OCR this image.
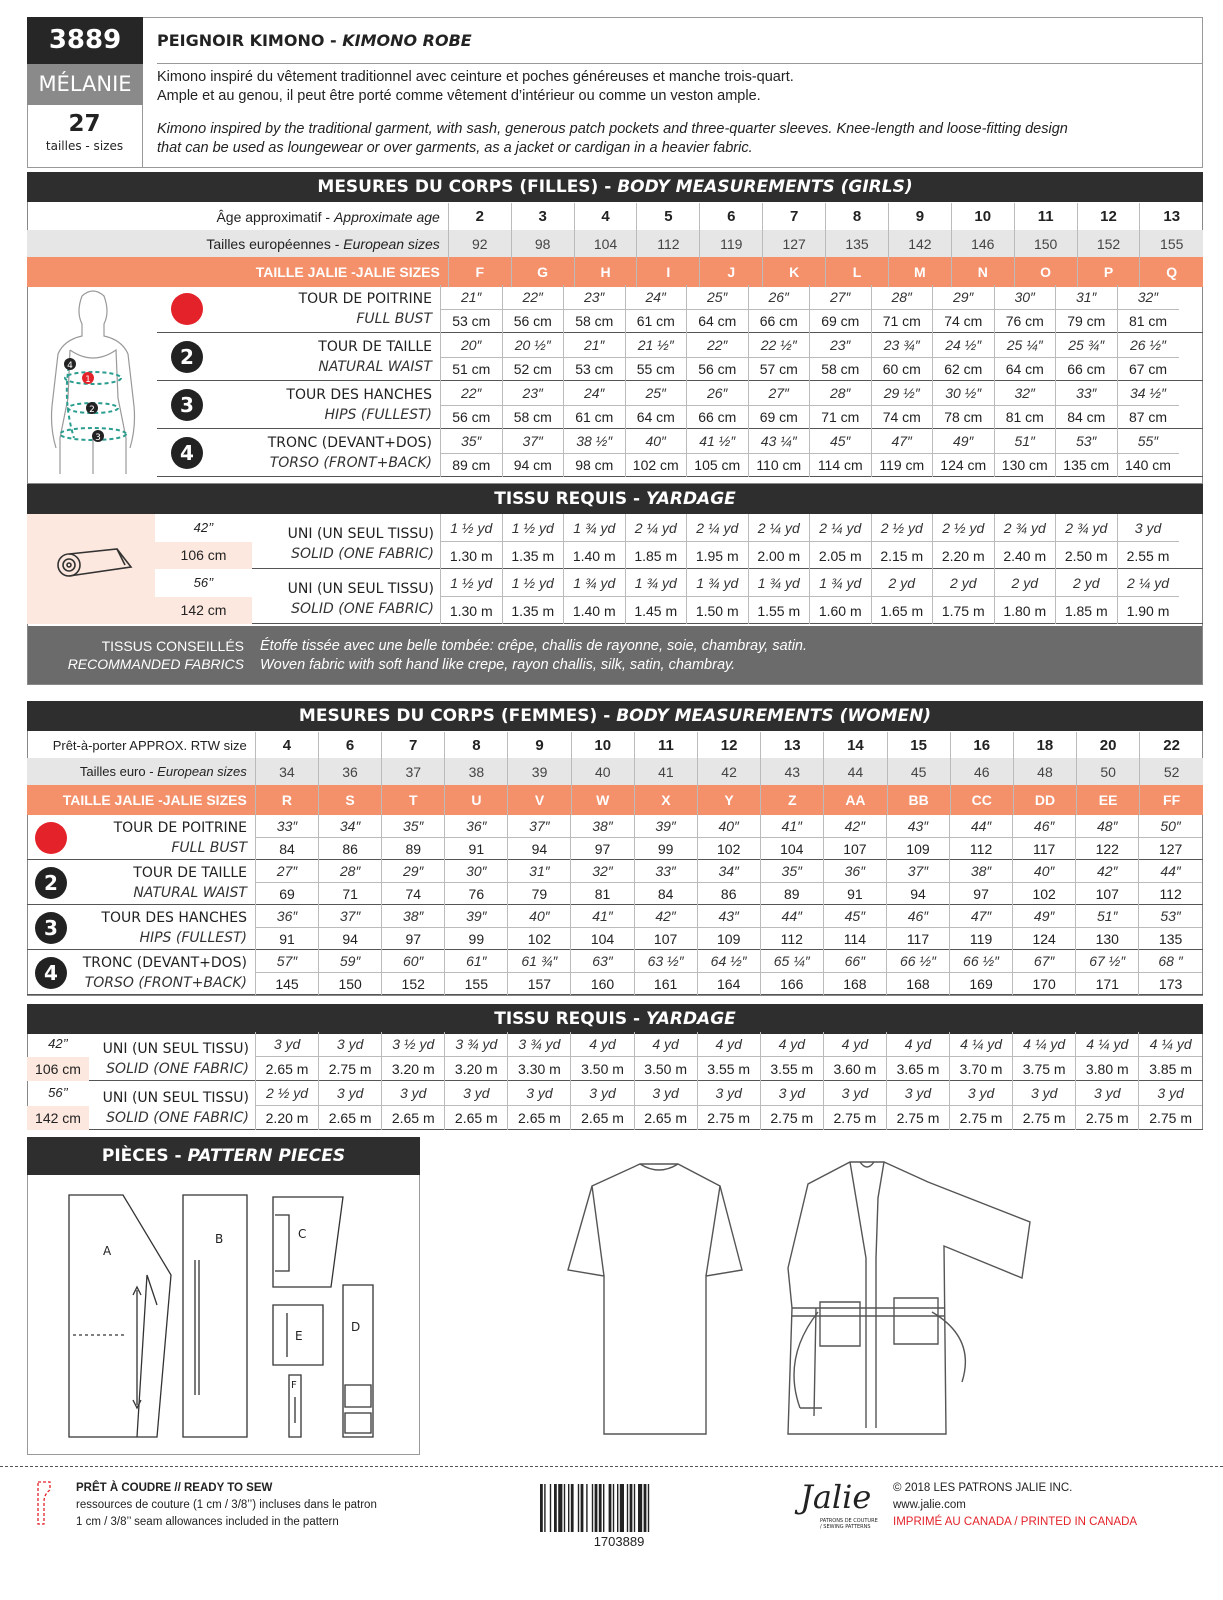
3889
MÉLANIE
27
tailles - sizes
PEIGNOIR KIMONO - KIMONO ROBE
Kimono inspiré du vêtement traditionnel avec ceinture et poches généreuses et manche trois-quart.
Ample et au genou, il peut être porté comme vêtement d’intérieur ou comme un veston ample.
Kimono inspired by the traditional garment, with sash, generous patch pockets and three-quarter sleeves. Knee-length and loose-fitting design
that can be used as loungewear or over garments, as a jacket or cardigan in a heavier fabric.
MESURES DU CORPS (FILLES) - BODY MEASUREMENTS (GIRLS)
Âge approximatif - Approximate age	2	3	4	5	6	7	8	9	10	11	12	13
Tailles européennes - European sizes	92	98	104	112	119	127	135	142	146	150	152	155
TAILLE JALIE -JALIE SIZES	F	G	H	I	J	K	L	M	N	O	P	Q
1	TOUR DE POITRINE
FULL BUST
21″	22″	23″	24″	25″	26″	27″	28″	29″	30″	31″	32″
53 cm	56 cm	58 cm	61 cm	64 cm	66 cm	69 cm	71 cm	74 cm	76 cm	79 cm	81 cm
2	TOUR DE TAILLE
NATURAL WAIST
20″	20 ½″	21″	21 ½″	22″	22 ½″	23″	23 ¾″	24 ½″	25 ¼″	25 ¾″	26 ½″
51 cm	52 cm	53 cm	55 cm	56 cm	57 cm	58 cm	60 cm	62 cm	64 cm	66 cm	67 cm
3	TOUR DES HANCHES
HIPS (FULLEST)
22″	23″	24″	25″	26″	27″	28″	29 ½″	30 ½″	32″	33″	34 ½″
56 cm	58 cm	61 cm	64 cm	66 cm	69 cm	71 cm	74 cm	78 cm	81 cm	84 cm	87 cm
4	TRONC (DEVANT+DOS)
TORSO (FRONT+BACK)
35″	37″	38 ½″	40″	41 ½″	43 ¼″	45″	47″	49″	51″	53″	55″
89 cm	94 cm	98 cm	102 cm	105 cm	110 cm	114 cm	119 cm	124 cm	130 cm	135 cm	140 cm
1
2
3
4
TISSU REQUIS - YARDAGE
42’’
106 cm
UNI (UN SEUL TISSU)
SOLID (ONE FABRIC)
1 ½ yd	1 ½ yd	1 ¾ yd	2 ¼ yd	2 ¼ yd	2 ¼ yd	2 ¼ yd	2 ½ yd	2 ½ yd	2 ¾ yd	2 ¾ yd	3 yd
1.30 m	1.35 m	1.40 m	1.85 m	1.95 m	2.00 m	2.05 m	2.15 m	2.20 m	2.40 m	2.50 m	2.55 m
56’’
142 cm
UNI (UN SEUL TISSU)
SOLID (ONE FABRIC)
1 ½ yd	1 ½ yd	1 ¾ yd	1 ¾ yd	1 ¾ yd	1 ¾ yd	1 ¾ yd	2 yd	2 yd	2 yd	2 yd	2 ¼ yd
1.30 m	1.35 m	1.40 m	1.45 m	1.50 m	1.55 m	1.60 m	1.65 m	1.75 m	1.80 m	1.85 m	1.90 m
TISSUS CONSEILLÉS
RECOMMANDED FABRICS
Étoffe tissée avec une belle tombée: crêpe, challis de rayonne, soie, chambray, satin.
Woven fabric with soft hand like crepe, rayon challis, silk, satin, chambray.
MESURES DU CORPS (FEMMES) - BODY MEASUREMENTS (WOMEN)
Prêt-à-porter APPROX. RTW size	4	6	7	8	9	10	11	12	13	14	15	16	18	20	22
Tailles euro - European sizes	34	36	37	38	39	40	41	42	43	44	45	46	48	50	52
TAILLE JALIE -JALIE SIZES	R	S	T	U	V	W	X	Y	Z	AA	BB	CC	DD	EE	FF
1	TOUR DE POITRINE
FULL BUST
33″	34″	35″	36″	37″	38″	39″	40″	41″	42″	43″	44″	46″	48″	50″
84	86	89	91	94	97	99	102	104	107	109	112	117	122	127
2	TOUR DE TAILLE
NATURAL WAIST
27″	28″	29″	30″	31″	32″	33″	34″	35″	36″	37″	38″	40″	42″	44″
69	71	74	76	79	81	84	86	89	91	94	97	102	107	112
3	TOUR DES HANCHES
HIPS (FULLEST)
36″	37″	38″	39″	40″	41″	42″	43″	44″	45″	46″	47″	49″	51″	53″
91	94	97	99	102	104	107	109	112	114	117	119	124	130	135
4	TRONC (DEVANT+DOS)
TORSO (FRONT+BACK)
57″	59″	60″	61″	61 ¾″	63″	63 ½″	64 ½″	65 ¼″	66″	66 ½″	66 ½″	67″	67 ½″	68 ″
145	150	152	155	157	160	161	164	166	168	168	169	170	171	173
TISSU REQUIS - YARDAGE
42’’
106 cm
UNI (UN SEUL TISSU)
SOLID (ONE FABRIC)
3 yd	3 yd	3 ½ yd	3 ¾ yd	3 ¾ yd	4 yd	4 yd	4 yd	4 yd	4 yd	4 yd	4 ¼ yd	4 ¼ yd	4 ¼ yd	4 ¼ yd
2.65 m	2.75 m	3.20 m	3.20 m	3.30 m	3.50 m	3.50 m	3.55 m	3.55 m	3.60 m	3.65 m	3.70 m	3.75 m	3.80 m	3.85 m
56’’
142 cm
UNI (UN SEUL TISSU)
SOLID (ONE FABRIC)
2 ½ yd	3 yd	3 yd	3 yd	3 yd	3 yd	3 yd	3 yd	3 yd	3 yd	3 yd	3 yd	3 yd	3 yd	3 yd
2.20 m	2.65 m	2.65 m	2.65 m	2.65 m	2.65 m	2.65 m	2.75 m	2.75 m	2.75 m	2.75 m	2.75 m	2.75 m	2.75 m	2.75 m
PIÈCES - PATTERN PIECES
A
B	C
D
E
F
PRÊT À COUDRE // READY TO SEW
ressources de couture (1 cm / 3/8’’) incluses dans le patron
1 cm / 3/8’’ seam allowances included in the pattern
1703889
Jalie
PATRONS DE COUTURE / SEWING PATTERNS
© 2018 LES PATRONS JALIE INC.
www.jalie.com
IMPRIMÉ AU CANADA / PRINTED IN CANADA
